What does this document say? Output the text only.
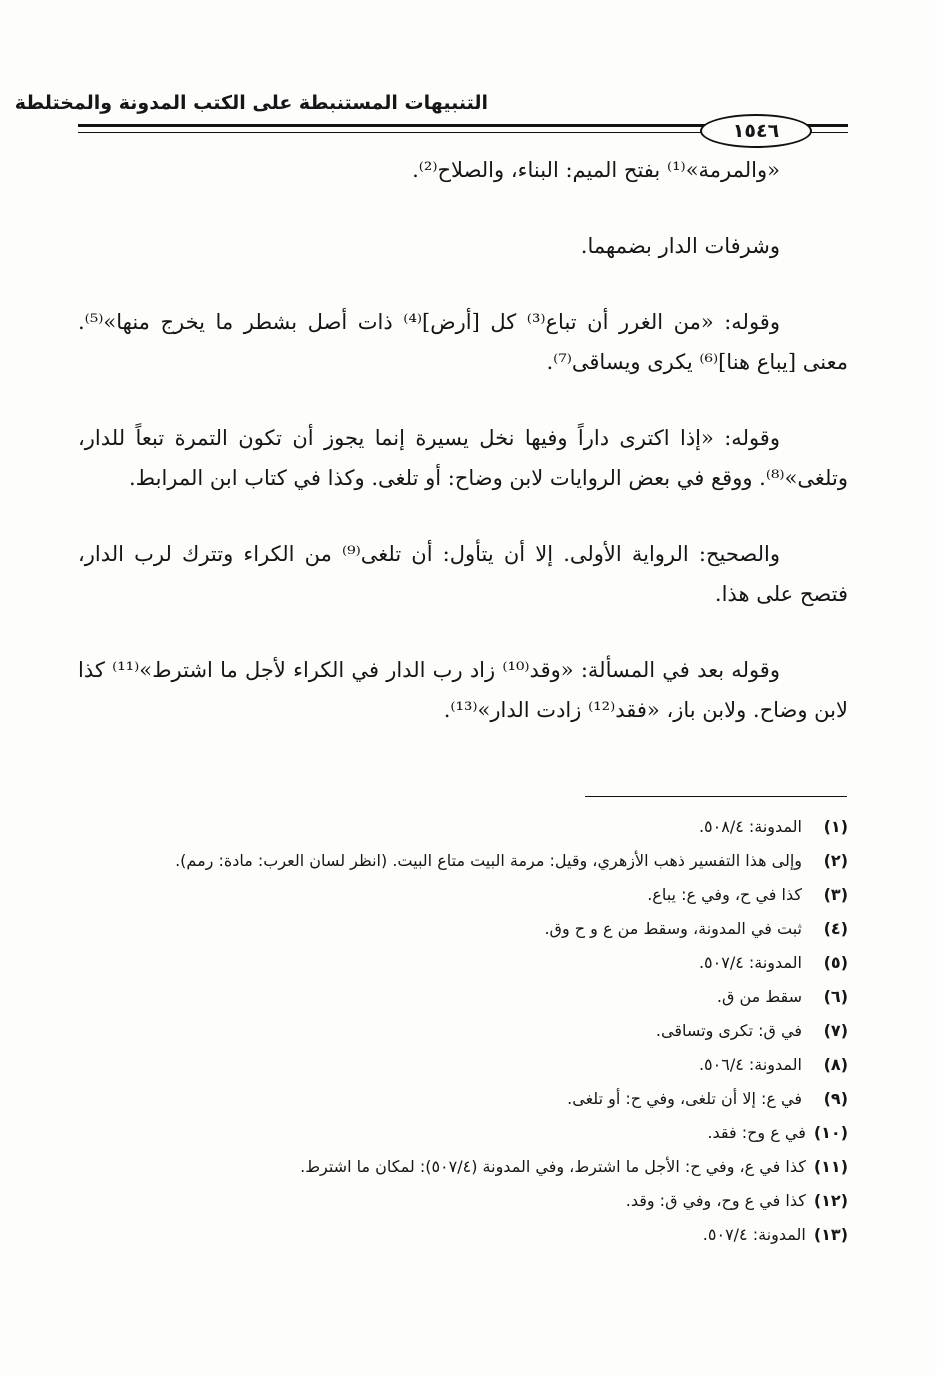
التنبيهات المستنبطة على الكتب المدونة والمختلطة
١٥٤٦

«والمرمة»⁽¹⁾ بفتح الميم: البناء، والصلاح⁽²⁾.

وشرفات الدار بضمهما.

وقوله: «من الغرر أن تباع⁽³⁾ كل [أرض]⁽⁴⁾ ذات أصل بشطر ما يخرج منها»⁽⁵⁾. معنى [يباع هنا]⁽⁶⁾ يكرى ويساقى⁽⁷⁾.

وقوله: «إذا اكترى داراً وفيها نخل يسيرة إنما يجوز أن تكون التمرة تبعاً للدار، وتلغى»⁽⁸⁾. ووقع في بعض الروايات لابن وضاح: أو تلغى. وكذا في كتاب ابن المرابط.

والصحيح: الرواية الأولى. إلا أن يتأول: أن تلغى⁽⁹⁾ من الكراء وتترك لرب الدار، فتصح على هذا.

وقوله بعد في المسألة: «وقد⁽¹⁰⁾ زاد رب الدار في الكراء لأجل ما اشترط»⁽¹¹⁾ كذا لابن وضاح. ولابن باز، «فقد⁽¹²⁾ زادت الدار»⁽¹³⁾.

(١)
المدونة: ٥٠٨/٤.
(٢)
وإلى هذا التفسير ذهب الأزهري، وقيل: مرمة البيت متاع البيت. (انظر لسان العرب: مادة: رمم).
(٣)
كذا في ح، وفي ع: يباع.
(٤)
ثبت في المدونة، وسقط من ع و ح وق.
(٥)
المدونة: ٥٠٧/٤.
(٦)
سقط من ق.
(٧)
في ق: تكرى وتساقى.
(٨)
المدونة: ٥٠٦/٤.
(٩)
في ع: إلا أن تلغى، وفي ح: أو تلغى.
(١٠)
في ع وح: فقد.
(١١)
كذا في ع، وفي ح: الأجل ما اشترط، وفي المدونة (٥٠٧/٤): لمكان ما اشترط.
(١٢)
كذا في ع وح، وفي ق: وقد.
(١٣)
المدونة: ٥٠٧/٤.
